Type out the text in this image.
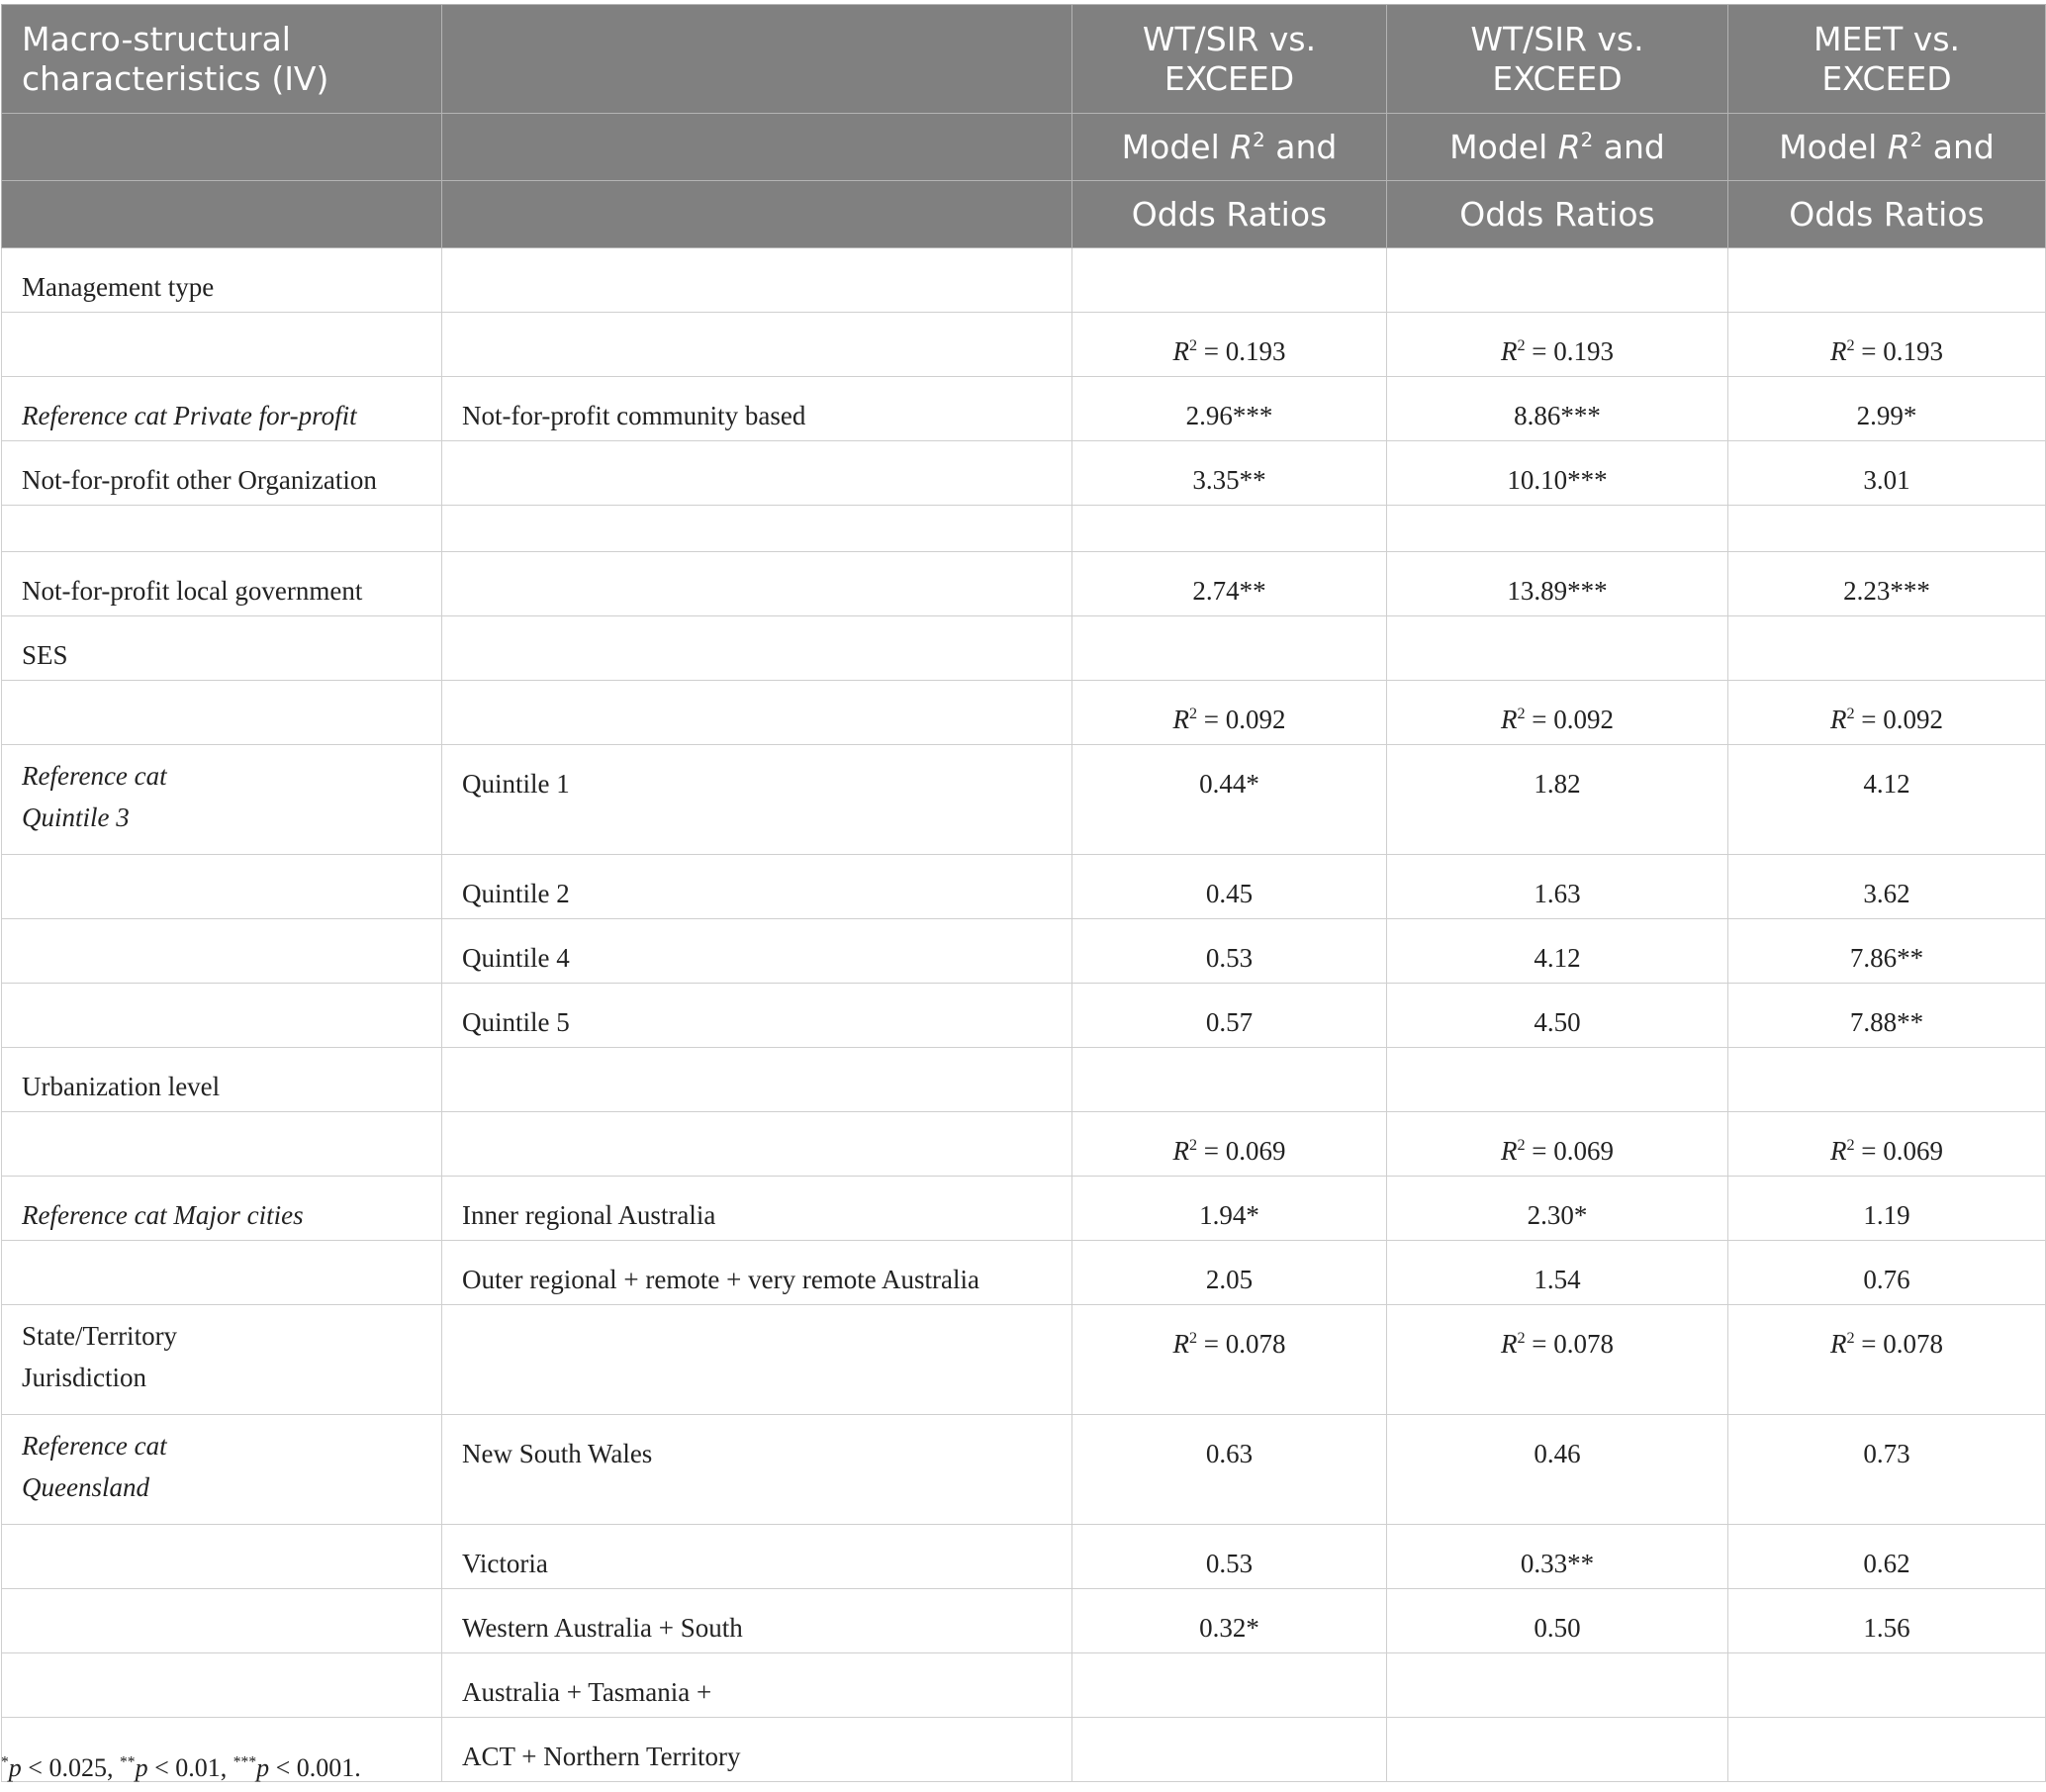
Macro-structural characteristics (IV)		WT/SIR vs. EXCEED	WT/SIR vs. EXCEED	MEET vs. EXCEED
		Model $R^2$ and	Model $R^2$ and	Model $R^2$ and
		Odds Ratios	Odds Ratios	Odds Ratios
Management type				
		$R^2 = 0.193$	$R^2 = 0.193$	$R^2 = 0.193$
Reference cat Private for-profit	Not-for-profit community based	2.96***	8.86***	2.99*
Not-for-profit other Organization		3.35**	10.10***	3.01

Not-for-profit local government		2.74**	13.89***	2.23***
SES				
		$R^2 = 0.092$	$R^2 = 0.092$	$R^2 = 0.092$

Reference cat
Quintile 3	Quintile 1	0.44*	1.82	4.12
	Quintile 2	0.45	1.63	3.62
	Quintile 4	0.53	4.12	7.86**
	Quintile 5	0.57	4.50	7.88**
Urbanization level				
		$R^2 = 0.069$	$R^2 = 0.069$	$R^2 = 0.069$
Reference cat Major cities	Inner regional Australia	1.94*	2.30*	1.19
	Outer regional + remote + very remote Australia	2.05	1.54	0.76

State/Territory
Jurisdiction		$R^2 = 0.078$	$R^2 = 0.078$	$R^2 = 0.078$

Reference cat
Queensland	New South Wales	0.63	0.46	0.73
	Victoria	0.53	0.33**	0.62
	Western Australia + South	0.32*	0.50	1.56
	Australia + Tasmania +			
	ACT + Northern Territory			
*p < 0.025, **p < 0.01, ***p < 0.001.
